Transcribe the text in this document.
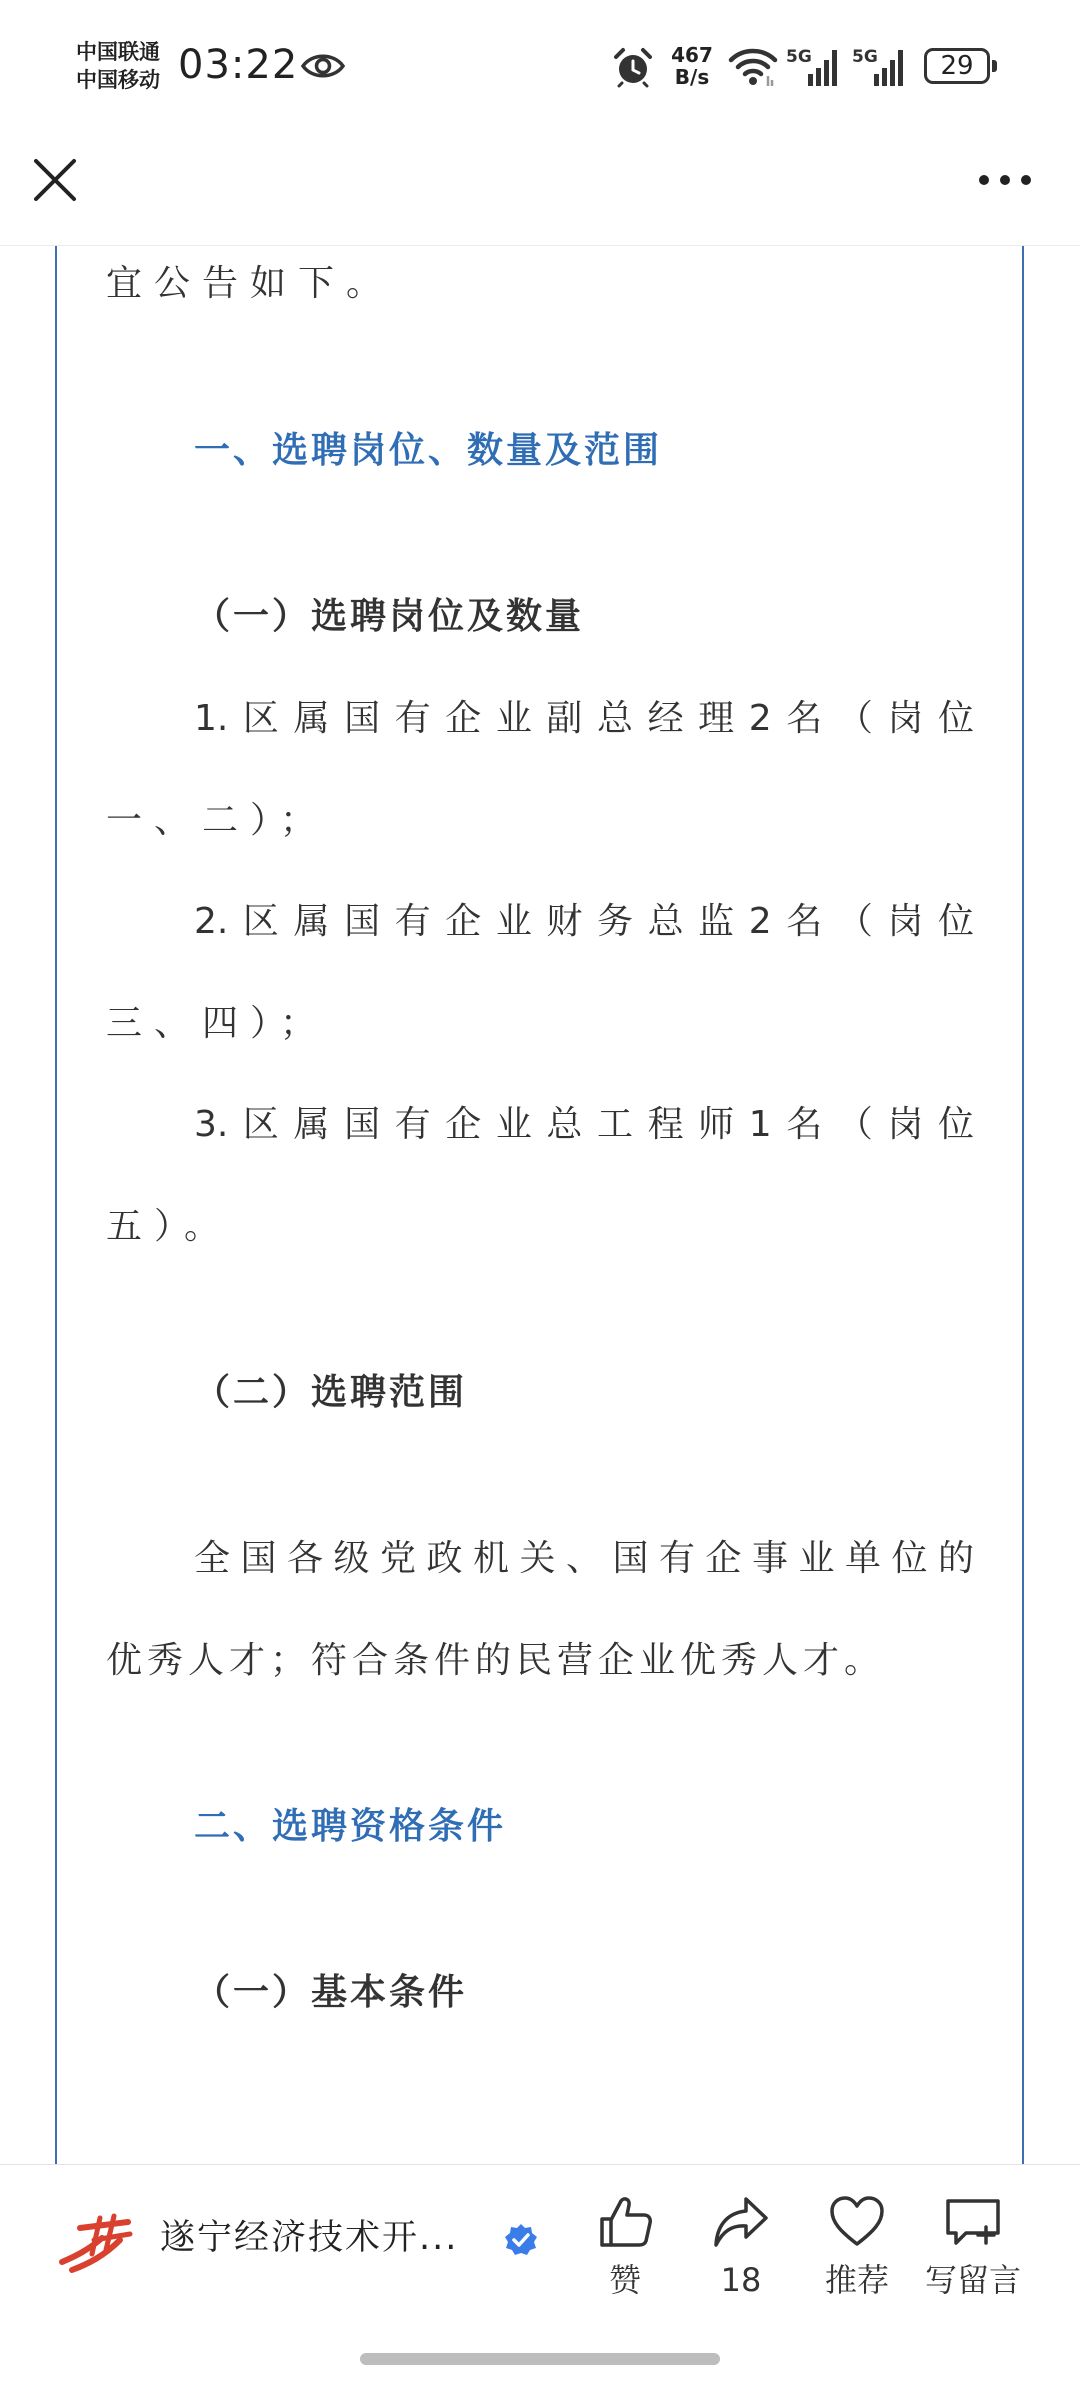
中国联通
中国移动 03:22	467
B/s
5G 5G	29
宜公告如下。
一、选聘岗位、数量及范围
（一）选聘岗位及数量
1.区属国有企业副总经理2名（岗位
一、二）；
2.区属国有企业财务总监2名（岗位
三、四）；
3.区属国有企业总工程师1名（岗位
五）。
（二）选聘范围
全国各级党政机关、国有企事业单位的
优秀人才；符合条件的民营企业优秀人才。
二、选聘资格条件
（一）基本条件
遂宁经济技术开...
赞	18	推荐	写留言
